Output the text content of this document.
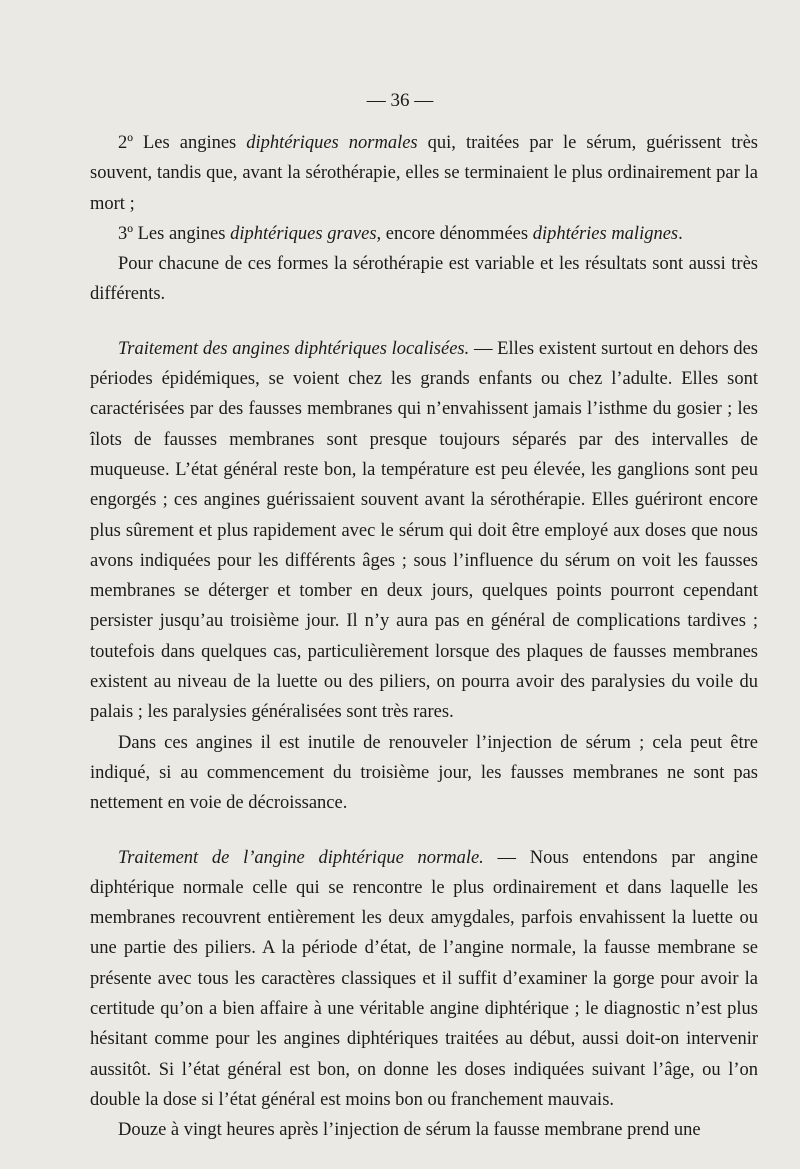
— 36 —

2º Les angines diphtériques normales qui, traitées par le sérum, guérissent très souvent, tandis que, avant la sérothérapie, elles se terminaient le plus ordinairement par la mort ;

3º Les angines diphtériques graves, encore dénommées diphtéries malignes.

Pour chacune de ces formes la sérothérapie est variable et les résultats sont aussi très différents.

Traitement des angines diphtériques localisées. — Elles existent surtout en dehors des périodes épidémiques, se voient chez les grands enfants ou chez l’adulte. Elles sont caractérisées par des fausses membranes qui n’envahissent jamais l’isthme du gosier ; les îlots de fausses membranes sont presque toujours séparés par des intervalles de muqueuse. L’état général reste bon, la température est peu élevée, les ganglions sont peu engorgés ; ces angines guérissaient souvent avant la sérothérapie. Elles guériront encore plus sûrement et plus rapidement avec le sérum qui doit être employé aux doses que nous avons indiquées pour les différents âges ; sous l’influence du sérum on voit les fausses membranes se déterger et tomber en deux jours, quelques points pourront cependant persister jusqu’au troisième jour. Il n’y aura pas en général de complications tardives ; toutefois dans quelques cas, particulièrement lorsque des plaques de fausses membranes existent au niveau de la luette ou des piliers, on pourra avoir des paralysies du voile du palais ; les paralysies généralisées sont très rares.

Dans ces angines il est inutile de renouveler l’injection de sérum ; cela peut être indiqué, si au commencement du troisième jour, les fausses membranes ne sont pas nettement en voie de décroissance.

Traitement de l’angine diphtérique normale. — Nous entendons par angine diphtérique normale celle qui se rencontre le plus ordinairement et dans laquelle les membranes recouvrent entièrement les deux amygdales, parfois envahissent la luette ou une partie des piliers. A la période d’état, de l’angine normale, la fausse membrane se présente avec tous les caractères classiques et il suffit d’examiner la gorge pour avoir la certitude qu’on a bien affaire à une véritable angine diphtérique ; le diagnostic n’est plus hésitant comme pour les angines diphtériques traitées au début, aussi doit-on intervenir aussitôt. Si l’état général est bon, on donne les doses indiquées suivant l’âge, ou l’on double la dose si l’état général est moins bon ou franchement mauvais.

Douze à vingt heures après l’injection de sérum la fausse membrane prend une
